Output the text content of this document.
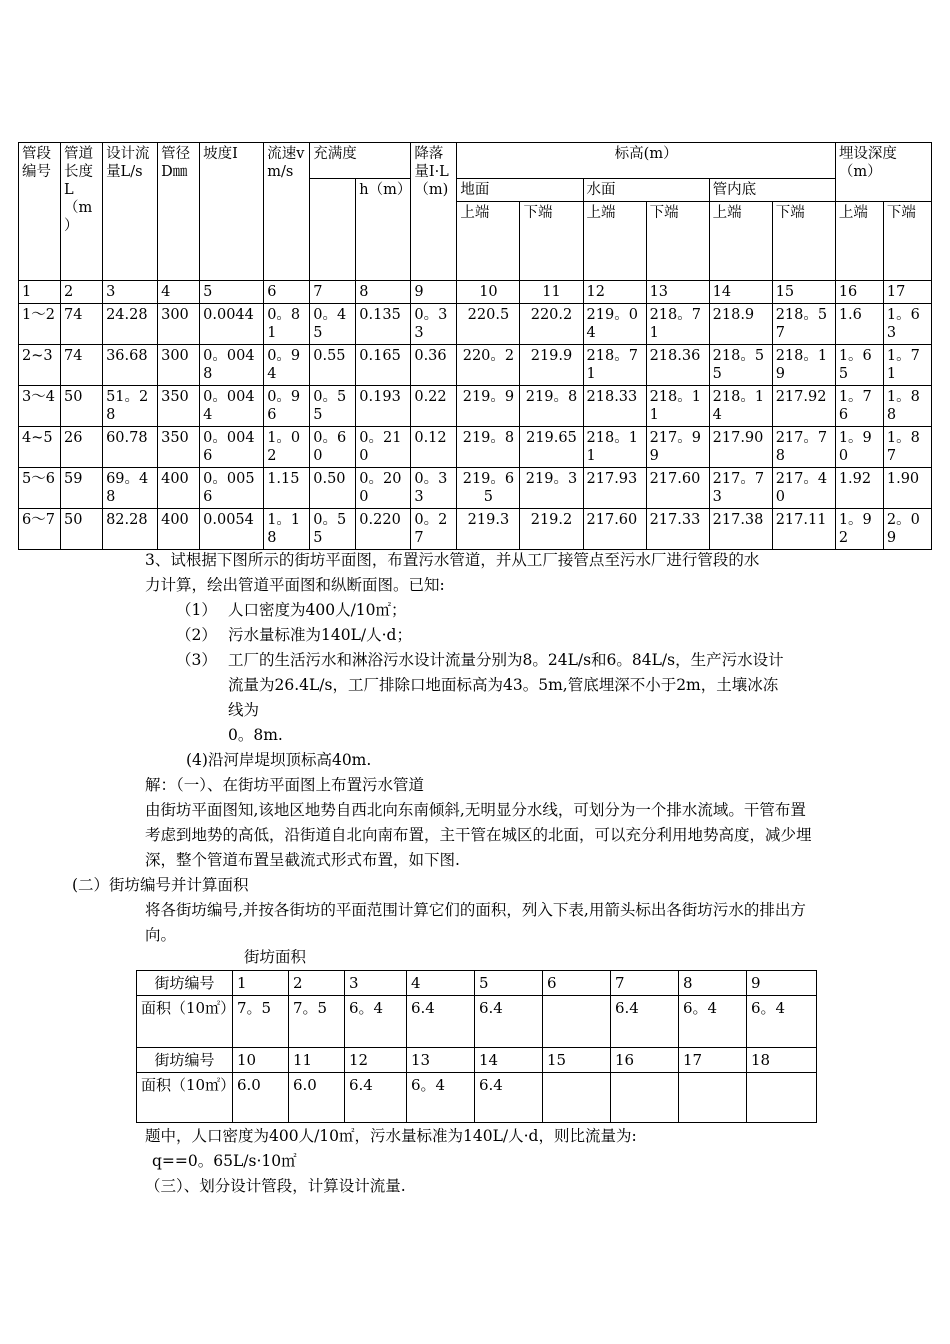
管段编号	管道长度L（m）	设计流量L/s	管径D㎜	坡度I	流速v m/s	充满度		降落量I·L（m)	标高(m）						埋设深度（m）	
							h（m）		地面		水面		管内底			
									上端	下端	上端	下端	上端	下端	上端	下端
1	2	3	4	5	6	7	8	9	10	11	12	13	14	15	16	17
1～2	74	24.28	300	0.0044	0。81	0。45	0.135	0。33	220.5	220.2	219。04	218。71	218.9	218。57	1.6	1。63
2~3	74	36.68	300	0。0048	0。94	0.55	0.165	0.36	220。2	219.9	218。71	218.36	218。55	218。19	1。65	1。71
3～4	50	51。28	350	0。0044	0。96	0。55	0.193	0.22	219。9	219。8	218.33	218。11	218。14	217.92	1。76	1。88
4~5	26	60.78	350	0。0046	1。02	0。60	0。210	0.12	219。8	219.65	218。11	217。99	217.90	217。78	1。90	1。87
5～6	59	69。48	400	0。0056	1.15	0.50	0。200	0。33	219。65	219。3	217.93	217.60	217。73	217。40	1.92	1.90
6～7	50	82.28	400	0.0054	1。18	0。55	0.220	0。27	219.3	219.2	217.60	217.33	217.38	217.11	1。92	2。09

3、试根据下图所示的街坊平面图，布置污水管道，并从工厂接管点至污水厂进行管段的水

力计算，绘出管道平面图和纵断面图。已知:

（1） 人口密度为400人/10㎡；
（2） 污水量标准为140L/人·d；
（3） 工厂的生活污水和淋浴污水设计流量分别为8。24L/s和6。84L/s，生产污水设计流量为26.4L/s，工厂排除口地面标高为43。5m,管底埋深不小于2m，土壤冰冻线为

0。8m.

(4)沿河岸堤坝顶标高40m.

解：（一）、在街坊平面图上布置污水管道

由街坊平面图知,该地区地势自西北向东南倾斜,无明显分水线，可划分为一个排水流域。干管布置考虑到地势的高低，沿街道自北向南布置，主干管在城区的北面，可以充分利用地势高度，减少埋深，整个管道布置呈截流式形式布置，如下图.

(二）街坊编号并计算面积

将各街坊编号,并按各街坊的平面范围计算它们的面积，列入下表,用箭头标出各街坊污水的排出方向。

街坊面积
街坊编号	1	2	3	4	5	6	7	8	9
面积（10㎡）	7。5	7。5	6。4	6.4	6.4		6.4	6。4	6。4
街坊编号	10	11	12	13	14	15	16	17	18
面积（10㎡）	6.0	6.0	6.4	6。4	6.4				

题中，人口密度为400人/10㎡，污水量标准为140L/人·d，则比流量为:

q==0。65L/s·10㎡

（三）、划分设计管段，计算设计流量.
